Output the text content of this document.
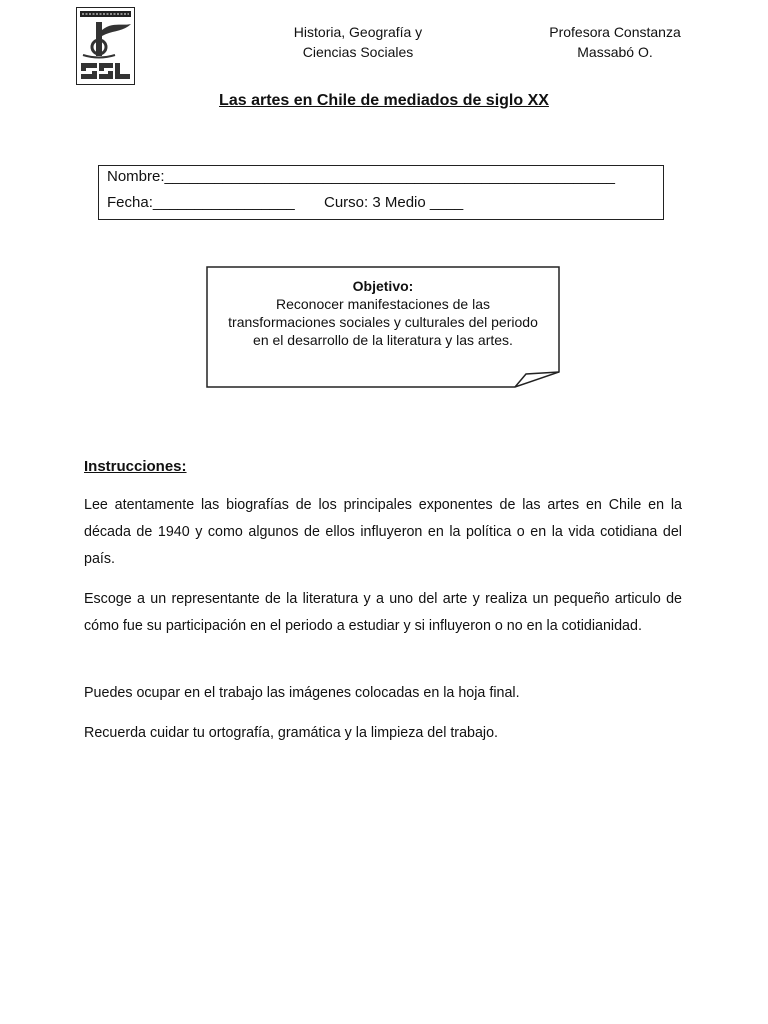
Historia, Geografía y
Ciencias Sociales
Profesora Constanza
Massabó O.
Las artes en Chile de mediados de siglo XX
Nombre:______________________________________________________
Fecha:_________________ Curso: 3 Medio ____
Objetivo:
Reconocer manifestaciones de las transformaciones sociales y culturales del periodo en el desarrollo de la literatura y las artes.
Instrucciones:

Lee atentamente las biografías de los principales exponentes de las artes en Chile en la década de 1940 y como algunos de ellos influyeron en la política o en la vida cotidiana del país.

Escoge a un representante de la literatura y a uno del arte y realiza un pequeño articulo de cómo fue su participación en el periodo a estudiar y si influyeron o no en la cotidianidad.

Puedes ocupar en el trabajo las imágenes colocadas en la hoja final.

Recuerda cuidar tu ortografía, gramática y la limpieza del trabajo.
